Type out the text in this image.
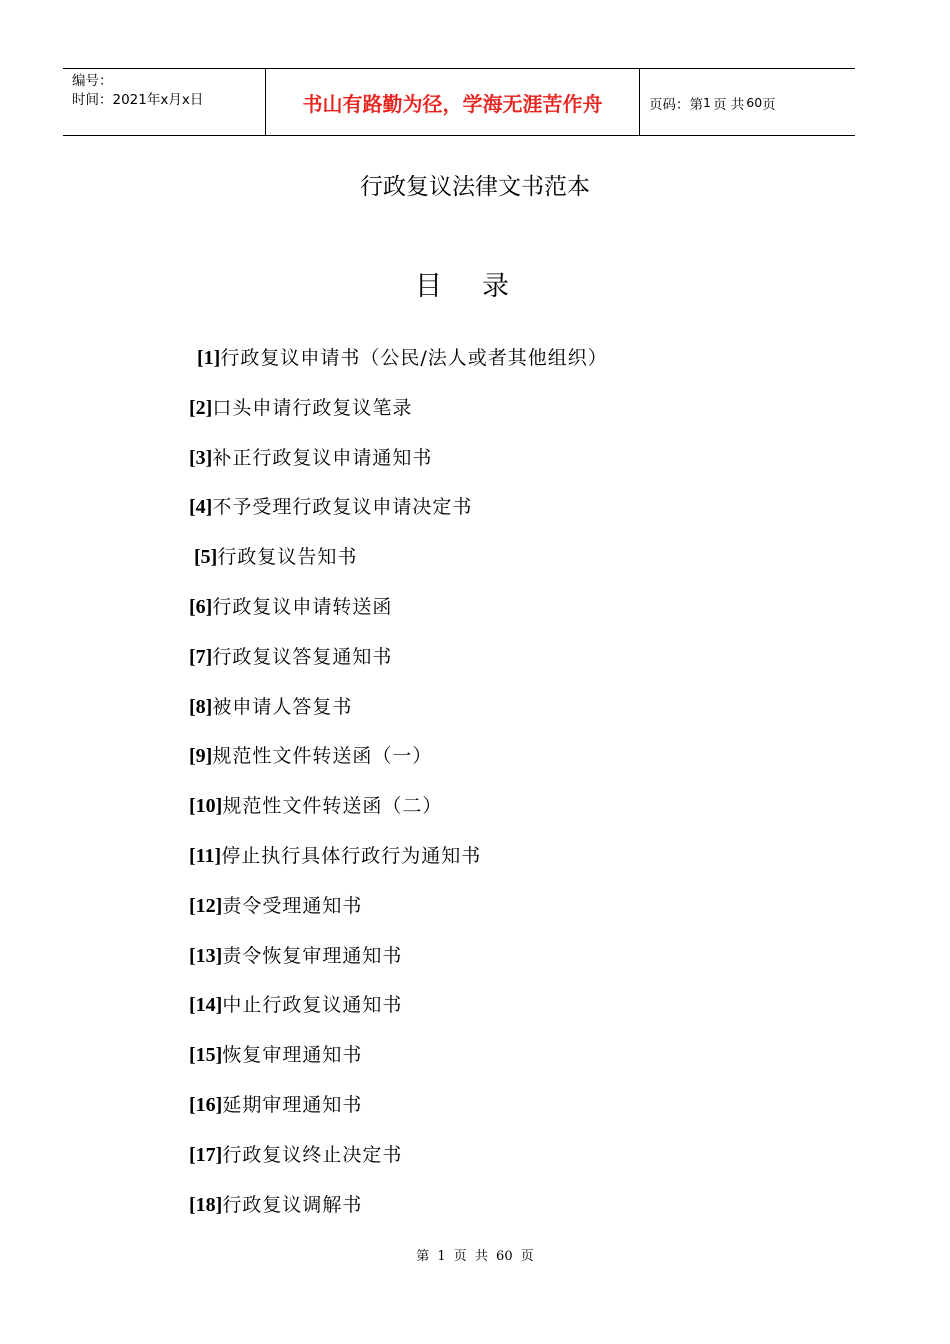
编号：
时间：2021年x月x日	书山有路勤为径，学海无涯苦作舟	页码：第 1 页 共 60 页
行政复议法律文书范本
目录
[1]行政复议申请书（公民/法人或者其他组织）
[2]口头申请行政复议笔录
[3]补正行政复议申请通知书
[4]不予受理行政复议申请决定书
[5]行政复议告知书
[6]行政复议申请转送函
[7]行政复议答复通知书
[8]被申请人答复书
[9]规范性文件转送函（一）
[10]规范性文件转送函（二）
[11]停止执行具体行政行为通知书
[12]责令受理通知书
[13]责令恢复审理通知书
[14]中止行政复议通知书
[15]恢复审理通知书
[16]延期审理通知书
[17]行政复议终止决定书
[18]行政复议调解书
第 1 页 共 60 页
